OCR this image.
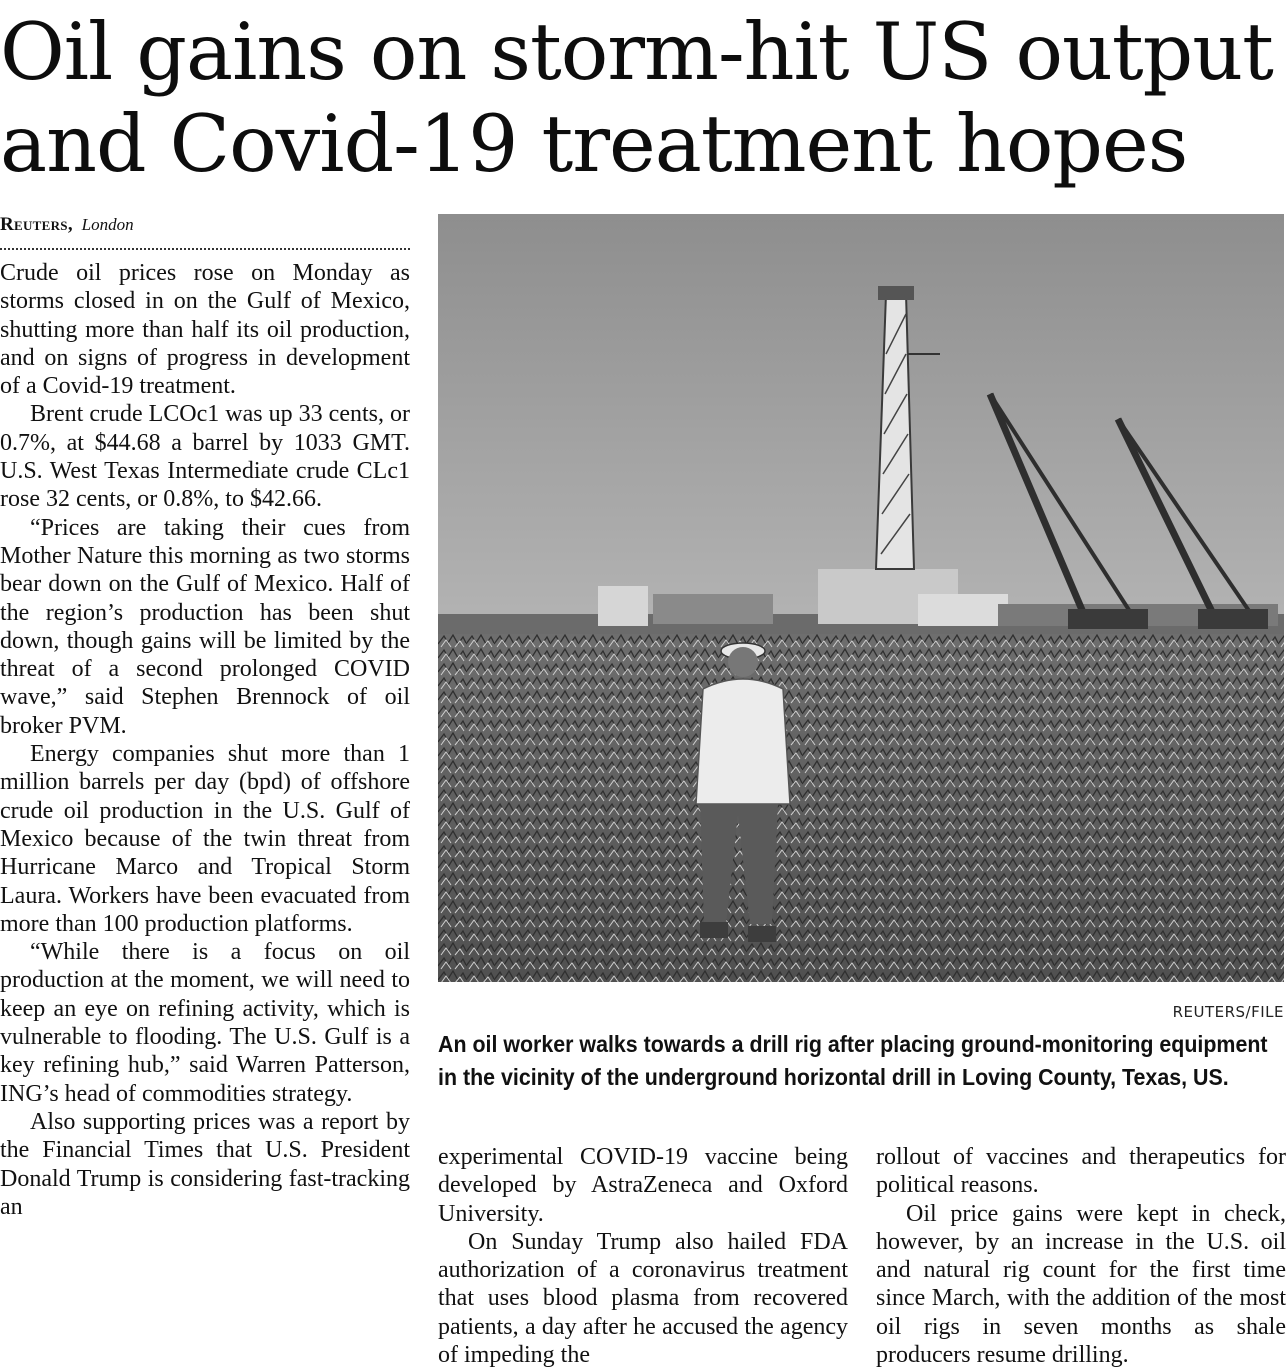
Oil gains on storm-hit US output
and Covid-19 treatment hopes
Reuters, London

Crude oil prices rose on Monday as storms closed in on the Gulf of Mexico, shutting more than half its oil production, and on signs of progress in development of a Covid-19 treatment.

Brent crude LCOc1 was up 33 cents, or 0.7%, at $44.68 a barrel by 1033 GMT. U.S. West Texas Intermediate crude CLc1 rose 32 cents, or 0.8%, to $42.66.

“Prices are taking their cues from Mother Nature this morning as two storms bear down on the Gulf of Mexico. Half of the region’s production has been shut down, though gains will be limited by the threat of a second prolonged COVID wave,” said Stephen Brennock of oil broker PVM.

Energy companies shut more than 1 million barrels per day (bpd) of offshore crude oil production in the U.S. Gulf of Mexico because of the twin threat from Hurricane Marco and Tropical Storm Laura. Workers have been evacuated from more than 100 production platforms.

“While there is a focus on oil production at the moment, we will need to keep an eye on refining activity, which is vulnerable to flooding. The U.S. Gulf is a key refining hub,” said Warren Patterson, ING’s head of commodities strategy.

Also supporting prices was a report by the Financial Times that U.S. President Donald Trump is considering fast-tracking an

REUTERS/FILE

An oil worker walks towards a drill rig after placing ground-monitoring equipment in the vicinity of the underground horizontal drill in Loving County, Texas, US.

experimental COVID-19 vaccine being developed by AstraZeneca and Oxford University.

On Sunday Trump also hailed FDA authorization of a coronavirus treatment that uses blood plasma from recovered patients, a day after he accused the agency of impeding the

rollout of vaccines and therapeutics for political reasons.

Oil price gains were kept in check, however, by an increase in the U.S. oil and natural rig count for the first time since March, with the addition of the most oil rigs in seven months as shale producers resume drilling.
